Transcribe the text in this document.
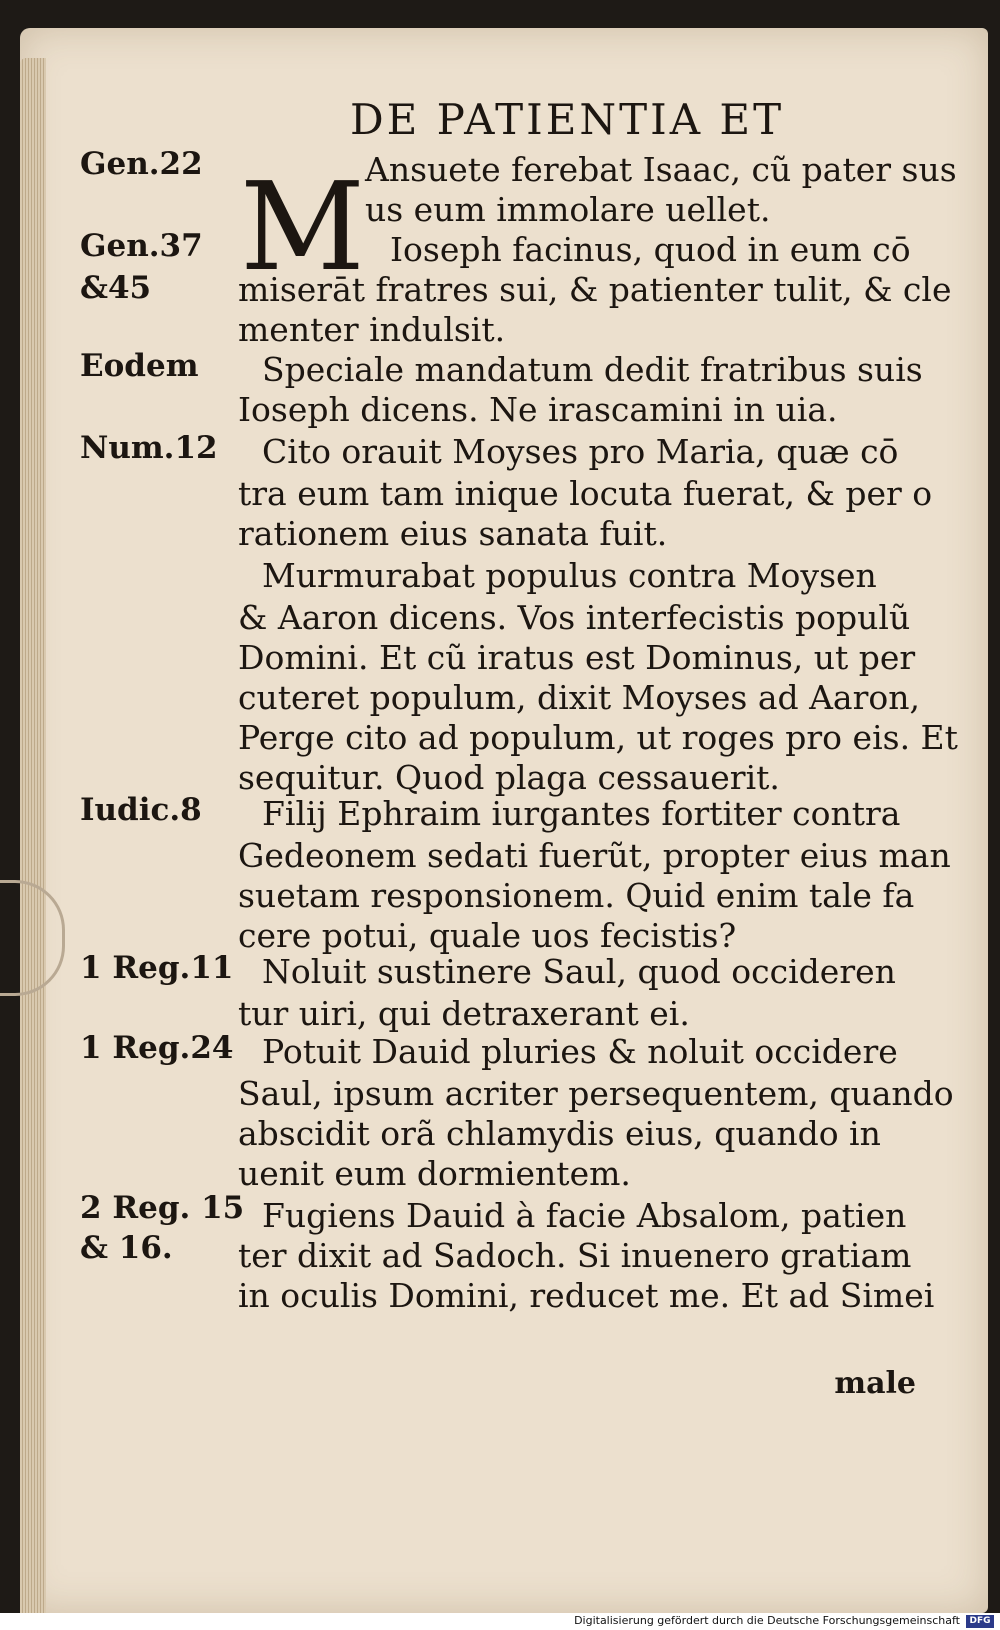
DE PATIENTIA ET
M
Gen.22
Gen.37
&45
Eodem
Num.12
Iudic.8
1 Reg.11
1 Reg.24
2 Reg. 15
& 16.
Ansuete ferebat Isaac, cũ pater sus
us eum immolare uellet.
Ioseph facinus, quod in eum cō
miserāt fratres sui, & patienter tulit, & cle
menter indulsit.
Speciale mandatum dedit fratribus suis
Ioseph dicens. Ne irascamini in uia.
Cito orauit Moyses pro Maria, quæ cō
tra eum tam inique locuta fuerat, & per o
rationem eius sanata fuit.
Murmurabat populus contra Moysen
& Aaron dicens. Vos interfecistis populũ
Domini. Et cũ iratus est Dominus, ut per
cuteret populum, dixit Moyses ad Aaron,
Perge cito ad populum, ut roges pro eis. Et
sequitur. Quod plaga cessauerit.
Filij Ephraim iurgantes fortiter contra
Gedeonem sedati fuerũt, propter eius man
suetam responsionem. Quid enim tale fa
cere potui, quale uos fecistis?
Noluit sustinere Saul, quod occideren
tur uiri, qui detraxerant ei.
Potuit Dauid pluries & noluit occidere
Saul, ipsum acriter persequentem, quando
abscidit orã chlamydis eius, quando in
uenit eum dormientem.
Fugiens Dauid à facie Absalom, patien
ter dixit ad Sadoch. Si inuenero gratiam
in oculis Domini, reducet me. Et ad Simei
male
Digitalisierung gefördert durch die Deutsche Forschungsgemeinschaft	DFG
